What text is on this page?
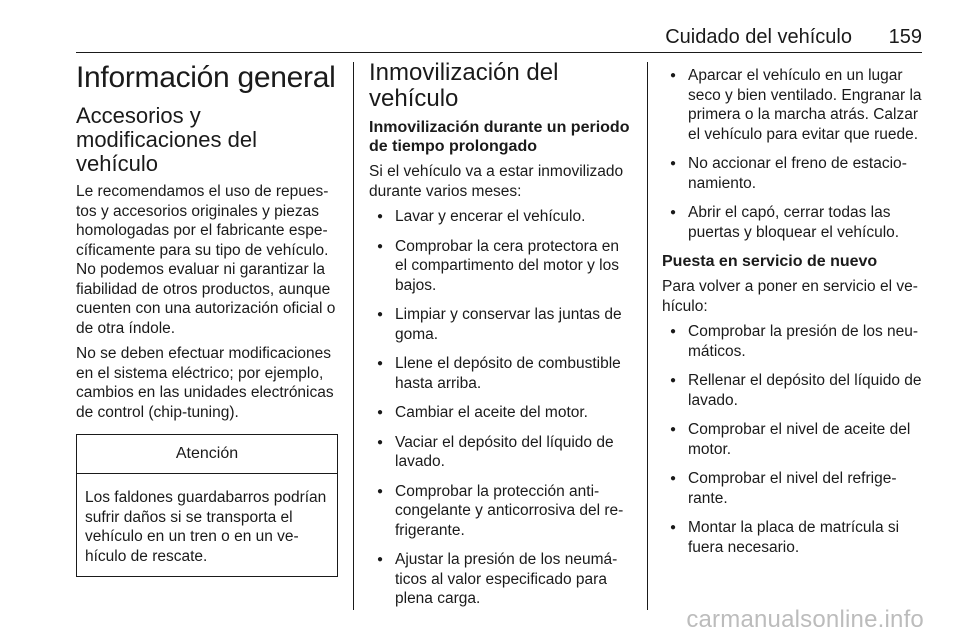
Cuidado del vehículo 159
Información general
Accesorios y modificaciones del vehículo
Le recomendamos el uso de repuestos y accesorios originales y piezas homologadas por el fabricante específicamente para su tipo de vehículo. No podemos evaluar ni garantizar la fiabilidad de otros productos, aunque cuenten con una autorización oficial o de otra índole.
No se deben efectuar modificaciones en el sistema eléctrico; por ejemplo, cambios en las unidades electrónicas de control (chip-tuning).
Atención
Los faldones guardabarros podrían sufrir daños si se transporta el vehículo en un tren o en un vehículo de rescate.
Inmovilización del vehículo
Inmovilización durante un periodo de tiempo prolongado
Si el vehículo va a estar inmovilizado durante varios meses:
● Lavar y encerar el vehículo.
● Comprobar la cera protectora en el compartimento del motor y los bajos.
● Limpiar y conservar las juntas de goma.
● Llene el depósito de combustible hasta arriba.
● Cambiar el aceite del motor.
● Vaciar el depósito del líquido de lavado.
● Comprobar la protección anticongelante y anticorrosiva del refrigerante.
● Ajustar la presión de los neumáticos al valor especificado para plena carga.
● Aparcar el vehículo en un lugar seco y bien ventilado. Engranar la primera o la marcha atrás. Calzar el vehículo para evitar que ruede.
● No accionar el freno de estacionamiento.
● Abrir el capó, cerrar todas las puertas y bloquear el vehículo.
Puesta en servicio de nuevo
Para volver a poner en servicio el vehículo:
● Comprobar la presión de los neumáticos.
● Rellenar el depósito del líquido de lavado.
● Comprobar el nivel de aceite del motor.
● Comprobar el nivel del refrigerante.
● Montar la placa de matrícula si fuera necesario.
carmanualsonline.info
